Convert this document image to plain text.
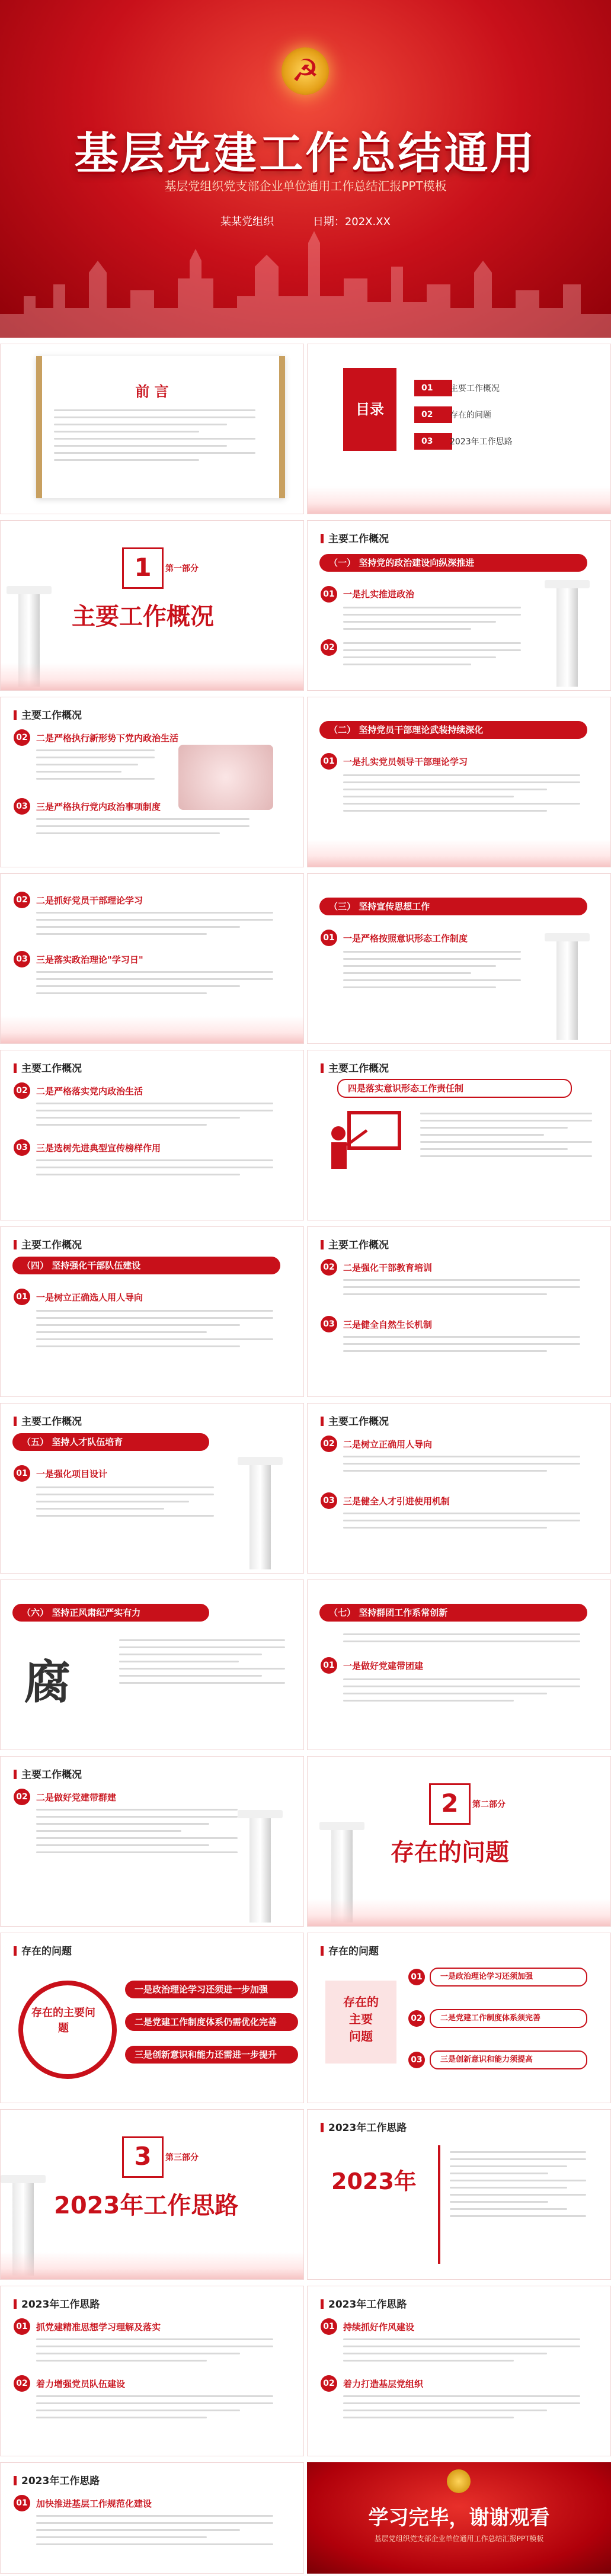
☭
基层党建工作总结通用
基层党组织党支部企业单位通用工作总结汇报PPT模板
某某党组织	日期：202X.XX
前 言
目录
01	主要工作概况
02	存在的问题
03	2023年工作思路
1	第一部分
主要工作概况
主要工作概况
（一） 坚持党的政治建设向纵深推进
01 一是扎实推进政治
02
主要工作概况
02 二是严格执行新形势下党内政治生活
03 三是严格执行党内政治事项制度
（二） 坚持党员干部理论武装持续深化
01 一是扎实党员领导干部理论学习
02 二是抓好党员干部理论学习
03 三是落实政治理论"学习日"
（三） 坚持宣传思想工作
01 一是严格按照意识形态工作制度
主要工作概况
02 二是严格落实党内政治生活
03 三是选树先进典型宣传榜样作用
主要工作概况
四是落实意识形态工作责任制
主要工作概况
（四） 坚持强化干部队伍建设
01 一是树立正确选人用人导向
主要工作概况
02 二是强化干部教育培训
03 三是健全自然生长机制
主要工作概况
（五） 坚持人才队伍培育
01 一是强化项目设计
主要工作概况
02 二是树立正确用人导向
03 三是健全人才引进使用机制
（六） 坚持正风肃纪严实有力
腐
（七） 坚持群团工作系常创新
01 一是做好党建带团建
主要工作概况
02 二是做好党建带群建	2	第二部分
存在的问题
存在的问题
存在的主要问题
一是政治理论学习还须进一步加强
二是党建工作制度体系仍需优化完善
三是创新意识和能力还需进一步提升
存在的问题
存在的
主要
问题
01	一是政治理论学习还须加强
02	二是党建工作制度体系须完善
03	三是创新意识和能力须提高
3	第三部分
2023年工作思路
2023年工作思路
2023年
2023年工作思路
01 抓党建精准思想学习理解及落实
02 着力增强党员队伍建设
2023年工作思路
01 持续抓好作风建设
02 着力打造基层党组织
2023年工作思路
01 加快推进基层工作规范化建设
学习完毕，谢谢观看
基层党组织党支部企业单位通用工作总结汇报PPT模板
